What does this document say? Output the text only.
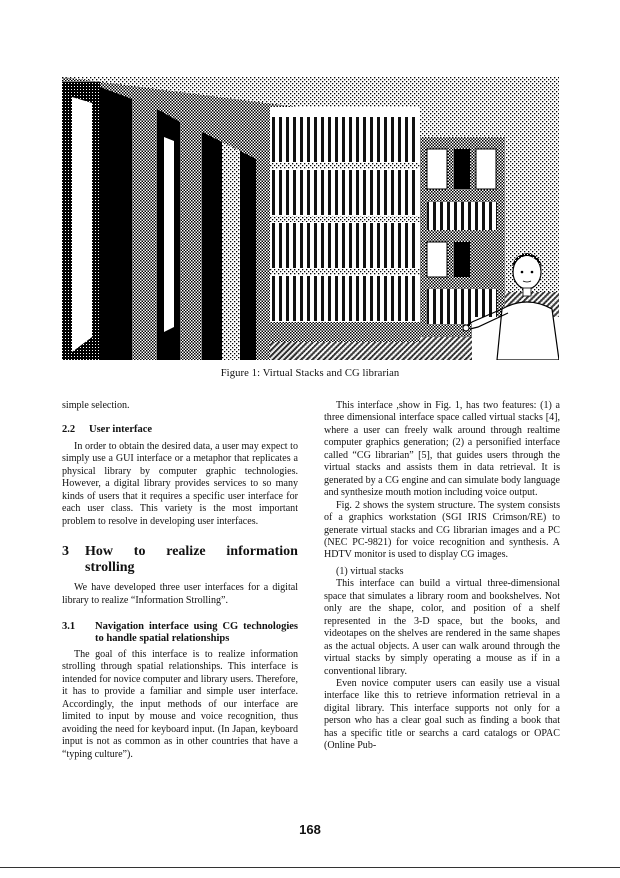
Figure 1: Virtual Stacks and CG librarian

simple selection.

2.2	User interface

In order to obtain the desired data, a user may expect to simply use a GUI interface or a metaphor that replicates a physical library by computer graphic technologies. However, a digital library provides services to so many kinds of users that it requires a specific user interface for each user class. This variety is the most important problem to resolve in developing user interfaces.

3	How to realize information
strolling

We have developed three user interfaces for a digital library to realize “Information Strolling”.

3.1	Navigation interface using CG technologies to handle spatial relationships

The goal of this interface is to realize information strolling through spatial relationships. This interface is intended for novice computer and library users. Therefore, it has to provide a familiar and simple user interface. Accordingly, the input methods of our interface are limited to input by mouse and voice recognition, thus avoiding the need for keyboard input. (In Japan, keyboard input is not as common as in other countries that have a “typing culture”).

This interface ,show in Fig. 1, has two features: (1) a three dimensional interface space called virtual stacks [4], where a user can freely walk around through realtime computer graphics generation; (2) a personified interface called “CG librarian” [5], that guides users through the virtual stacks and assists them in data retrieval. It is generated by a CG engine and can simulate body language and synthesize mouth motion including voice output.

Fig. 2 shows the system structure. The system consists of a graphics workstation (SGI IRIS Crimson/RE) to generate virtual stacks and CG librarian images and a PC (NEC PC-9821) for voice recognition and synthesis. A HDTV monitor is used to display CG images.

(1) virtual stacks

This interface can build a virtual three-dimensional space that simulates a library room and bookshelves. Not only are the shape, color, and position of a shelf represented in the 3-D space, but the books, and videotapes on the shelves are rendered in the same shapes as the actual objects. A user can walk around through the virtual stacks by simply operating a mouse as if in a conventional library.

Even novice computer users can easily use a visual interface like this to retrieve information retrieval in a digital library. This interface supports not only for a person who has a clear goal such as finding a book that has a specific title or searchs a card catalogs or OPAC (Online Pub-

168
